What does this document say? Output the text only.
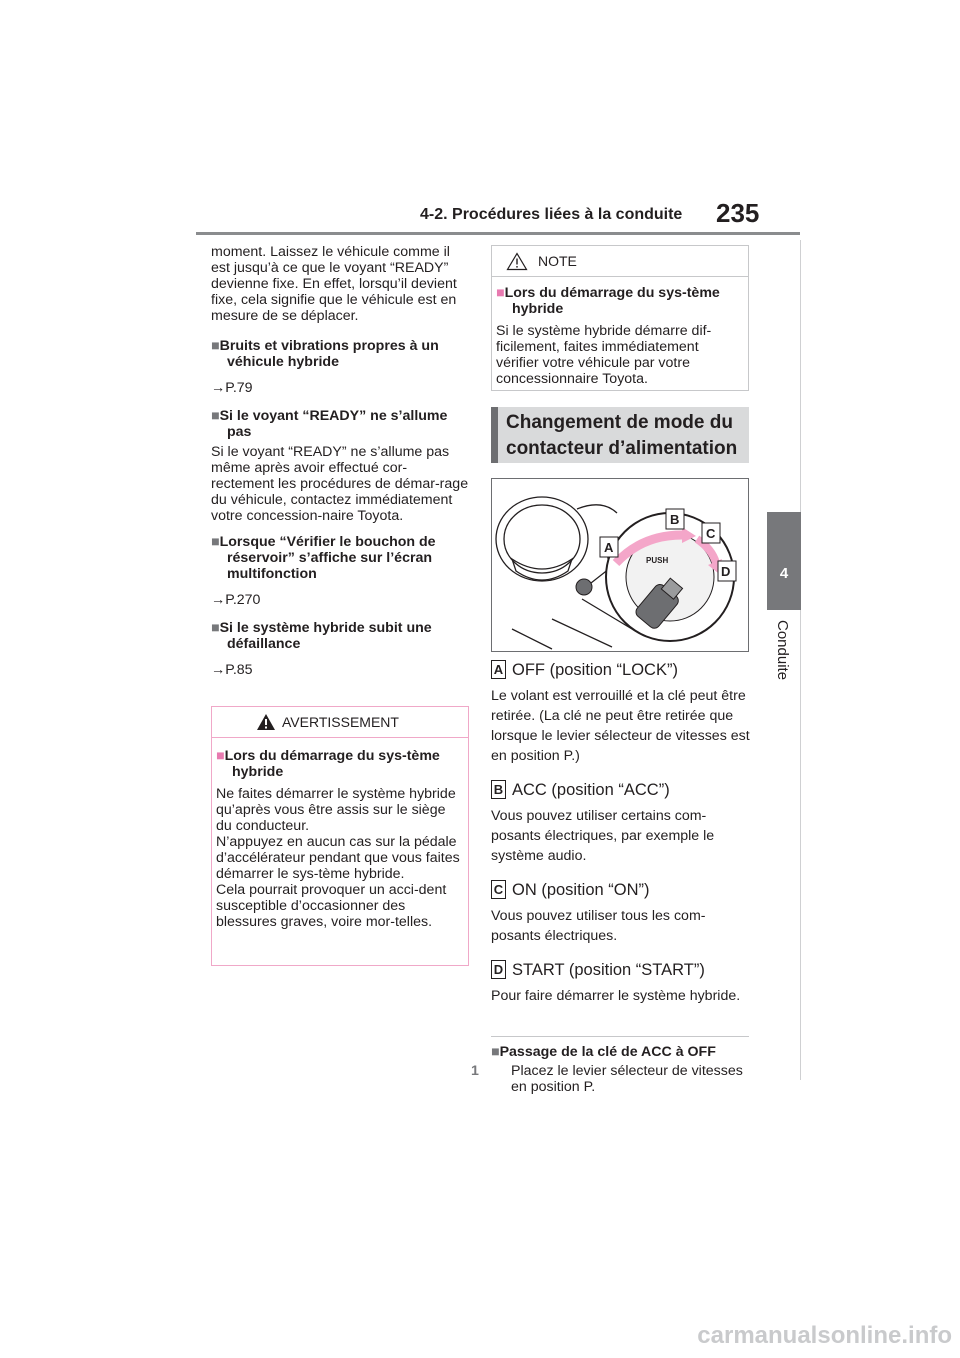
4-2. Procédures liées à la conduite 235
4
Conduite

moment. Laissez le véhicule comme il est jusqu’à ce que le voyant “READY” devienne fixe. En effet, lorsqu’il devient fixe, cela signifie que le véhicule est en mesure de se déplacer.

■Bruits et vibrations propres à un véhicule hybride

→P.79

■Si le voyant “READY” ne s’allume pas

Si le voyant “READY” ne s’allume pas même après avoir effectué cor-rectement les procédures de démar-rage du véhicule, contactez immédiatement votre concession-naire Toyota.

■Lorsque “Vérifier le bouchon de réservoir” s’affiche sur l’écran multifonction

→P.270

■Si le système hybride subit une défaillance

→P.85

AVERTISSEMENT

■Lors du démarrage du sys-tème hybride

Ne faites démarrer le système hybride qu’après vous être assis sur le siège du conducteur.

N’appuyez en aucun cas sur la pédale d’accélérateur pendant que vous faites démarrer le sys-tème hybride.

Cela pourrait provoquer un acci-dent susceptible d’occasionner des blessures graves, voire mor-telles.

NOTE

■Lors du démarrage du sys-tème hybride

Si le système hybride démarre dif-ficilement, faites immédiatement vérifier votre véhicule par votre concessionnaire Toyota.

Changement de mode du contacteur d’alimentation
PUSH
A
B
C
D
A OFF (position “LOCK”)

Le volant est verrouillé et la clé peut être retirée. (La clé ne peut être retirée que lorsque le levier sélecteur de vitesses est en position P.)

B ACC (position “ACC”)

Vous pouvez utiliser certains com-posants électriques, par exemple le système audio.

C ON (position “ON”)

Vous pouvez utiliser tous les com-posants électriques.

D START (position “START”)

Pour faire démarrer le système hybride.

■Passage de la clé de ACC à OFF

1 Placez le levier sélecteur de vitesses en position P.

carmanualsonline.info
